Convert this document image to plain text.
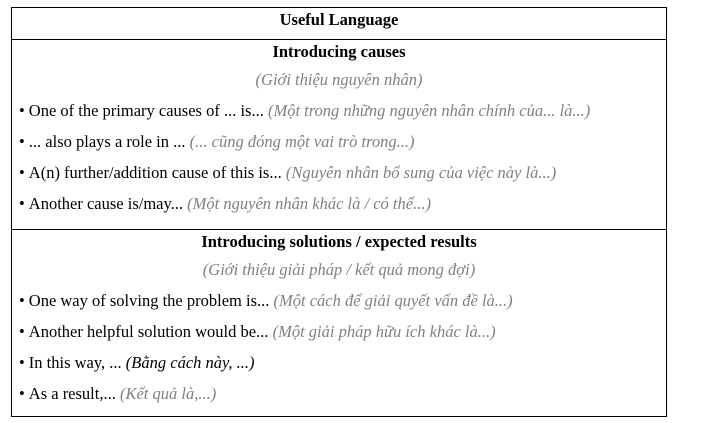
Useful Language
Introducing causes
(Giới thiệu nguyên nhân)
• One of the primary causes of ... is... (Một trong những nguyên nhân chính của... là...)
• ... also plays a role in ... (... cũng đóng một vai trò trong...)
• A(n) further/addition cause of this is... (Nguyên nhân bổ sung của việc này là...)
• Another cause is/may... (Một nguyên nhân khác là / có thể...)
Introducing solutions / expected results
(Giới thiệu giải pháp / kết quả mong đợi)
• One way of solving the problem is... (Một cách để giải quyết vấn đề là...)
• Another helpful solution would be... (Một giải pháp hữu ích khác là...)
• In this way, ... (Bằng cách này, ...)
• As a result,... (Kết quả là,...)
